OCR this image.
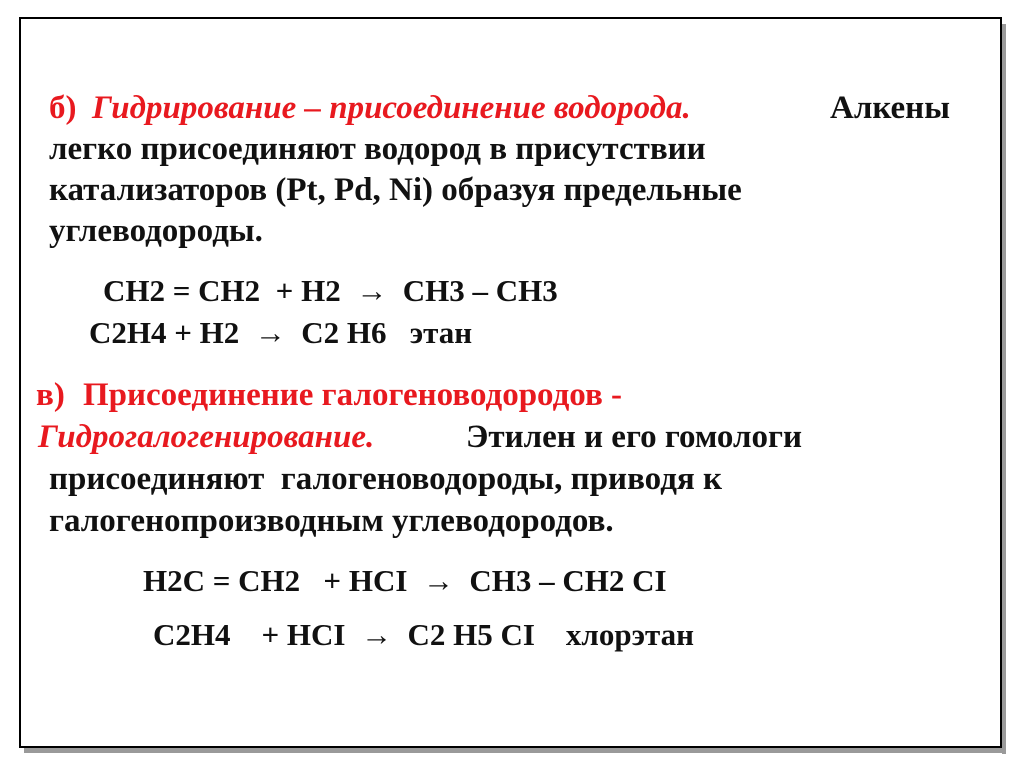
б) Гидрирование – присоединение водорода.	Алкены
легко присоединяют водород в присутствии
катализаторов (Pt, Pd, Ni) образуя предельные
углеводороды.
CH2 = CH2  + H2  →  CH3 – CH3
C2H4 + H2  →  C2 H6   этан
в) Присоединение галогеноводородов -
Гидрогалогенирование.	Этилен и его гомологи
присоединяют  галогеноводороды, приводя к
галогенопроизводным углеводородов.
H2C = CH2   + HCI  →  CH3 – CH2 CI
C2H4    + HCI  →  C2 H5 CI    хлорэтан
